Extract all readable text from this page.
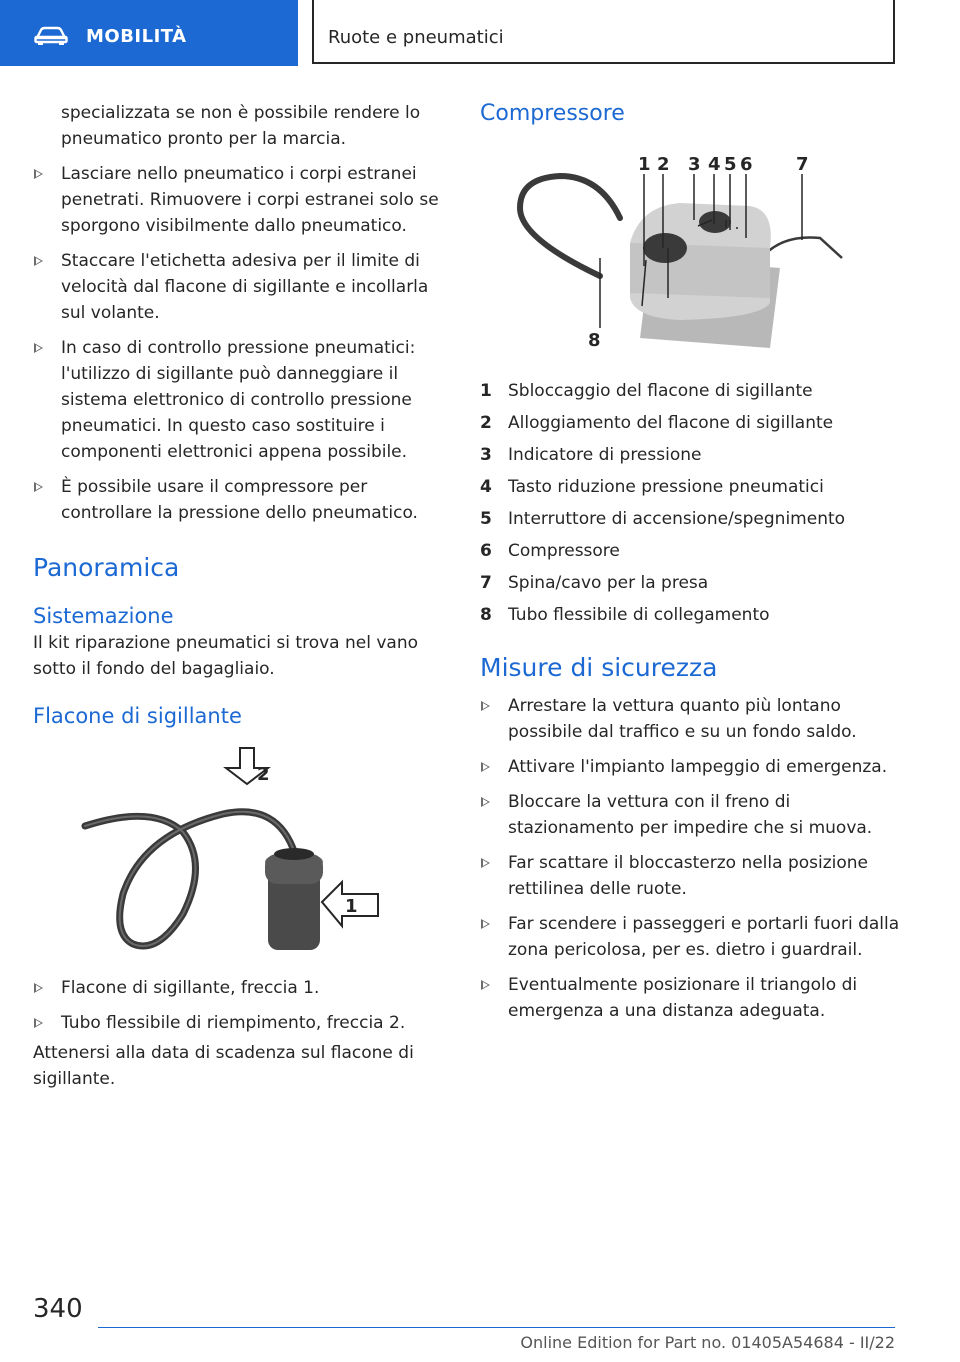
MOBILITÀ	Ruote e pneumatici

specializzata se non è possibile rendere lo pneumatico pronto per la marcia.

Lasciare nello pneumatico i corpi estranei penetrati. Rimuovere i corpi estranei solo se sporgono visibilmente dallo pneumatico.
Staccare l'etichetta adesiva per il limite di velocità dal flacone di sigillante e incollarla sul volante.
In caso di controllo pressione pneumatici: l'utilizzo di sigillante può danneggiare il sistema elettronico di controllo pressione pneumatici. In questo caso sostituire i componenti elettronici appena possibile.
È possibile usare il compressore per controllare la pressione dello pneumatico.
Panoramica
Sistemazione

Il kit riparazione pneumatici si trova nel vano sotto il fondo del bagagliaio.

Flacone di sigillante
2
1
Flacone di sigillante, freccia 1.
Tubo flessibile di riempimento, freccia 2.

Attenersi alla data di scadenza sul flacone di sigillante.

Compressore
1 2 3 4 5 6 7
8
1 Sbloccaggio del flacone di sigillante
2 Alloggiamento del flacone di sigillante
3 Indicatore di pressione
4 Tasto riduzione pressione pneumatici
5 Interruttore di accensione/spegnimento
6 Compressore
7 Spina/cavo per la presa
8 Tubo flessibile di collegamento
Misure di sicurezza
Arrestare la vettura quanto più lontano possibile dal traffico e su un fondo saldo.
Attivare l'impianto lampeggio di emergenza.
Bloccare la vettura con il freno di stazionamento per impedire che si muova.
Far scattare il bloccasterzo nella posizione rettilinea delle ruote.
Far scendere i passeggeri e portarli fuori dalla zona pericolosa, per es. dietro i guardrail.
Eventualmente posizionare il triangolo di emergenza a una distanza adeguata.
340
Online Edition for Part no. 01405A54684 - II/22
